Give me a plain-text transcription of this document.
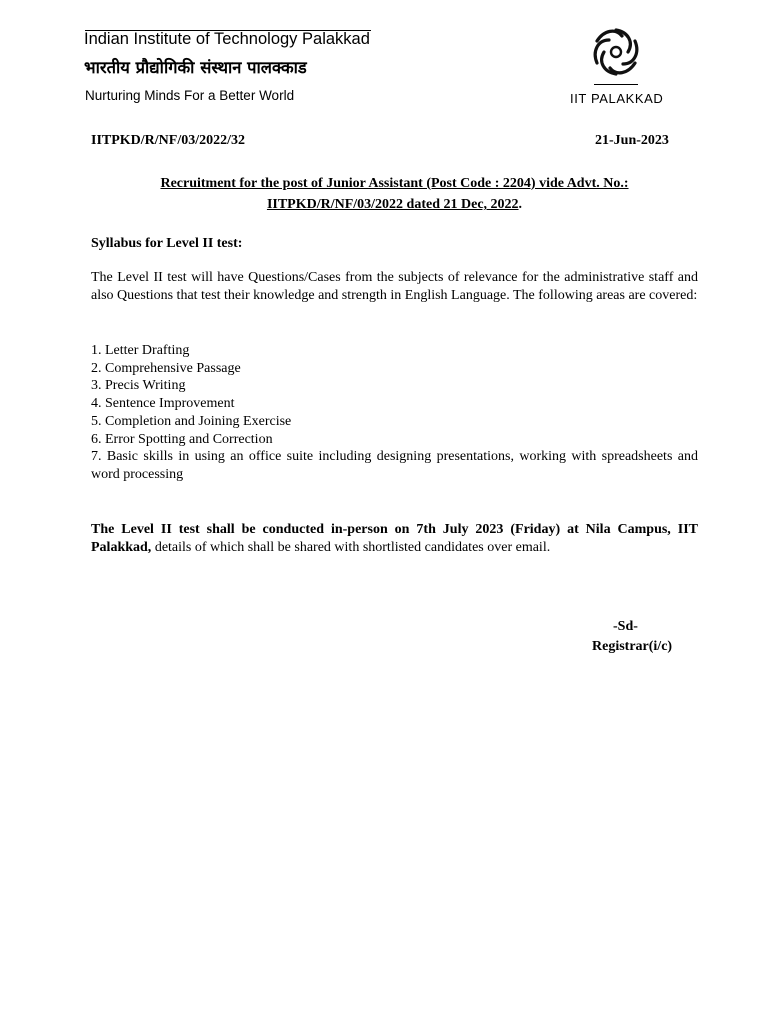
Indian Institute of Technology Palakkad
भारतीय प्रौद्योगिकी संस्थान पालक्काड
Nurturing Minds For a Better World	IIT PALAKKAD
IITPKD/R/NF/03/2022/32	21-Jun-2023
Recruitment for the post of Junior Assistant (Post Code : 2204) vide Advt. No.:
IITPKD/R/NF/03/2022 dated 21 Dec, 2022.
Syllabus for Level II test:

The Level II test will have Questions/Cases from the subjects of relevance for the administrative staff and also Questions that test their knowledge and strength in English Language. The following areas are covered:

1. Letter Drafting
2. Comprehensive Passage
3. Precis Writing
4. Sentence Improvement
5. Completion and Joining Exercise
6. Error Spotting and Correction
7. Basic skills in using an office suite including designing presentations, working with spreadsheets and word processing

The Level II test shall be conducted in-person on 7th July 2023 (Friday) at Nila Campus, IIT Palakkad, details of which shall be shared with shortlisted candidates over email.

-Sd-
Registrar(i/c)
